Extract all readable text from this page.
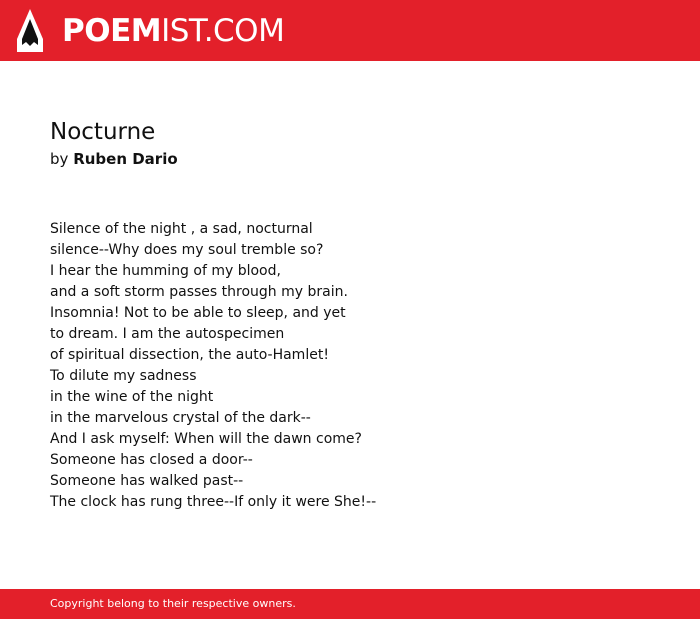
POEMIST.COM
Nocturne
by Ruben Dario
Silence of the night , a sad, nocturnal
silence--Why does my soul tremble so?
I hear the humming of my blood,
and a soft storm passes through my brain.
Insomnia! Not to be able to sleep, and yet
to dream. I am the autospecimen
of spiritual dissection, the auto-Hamlet!
To dilute my sadness
in the wine of the night
in the marvelous crystal of the dark--
And I ask myself: When will the dawn come?
Someone has closed a door--
Someone has walked past--
The clock has rung three--If only it were She!--
Copyright belong to their respective owners.
